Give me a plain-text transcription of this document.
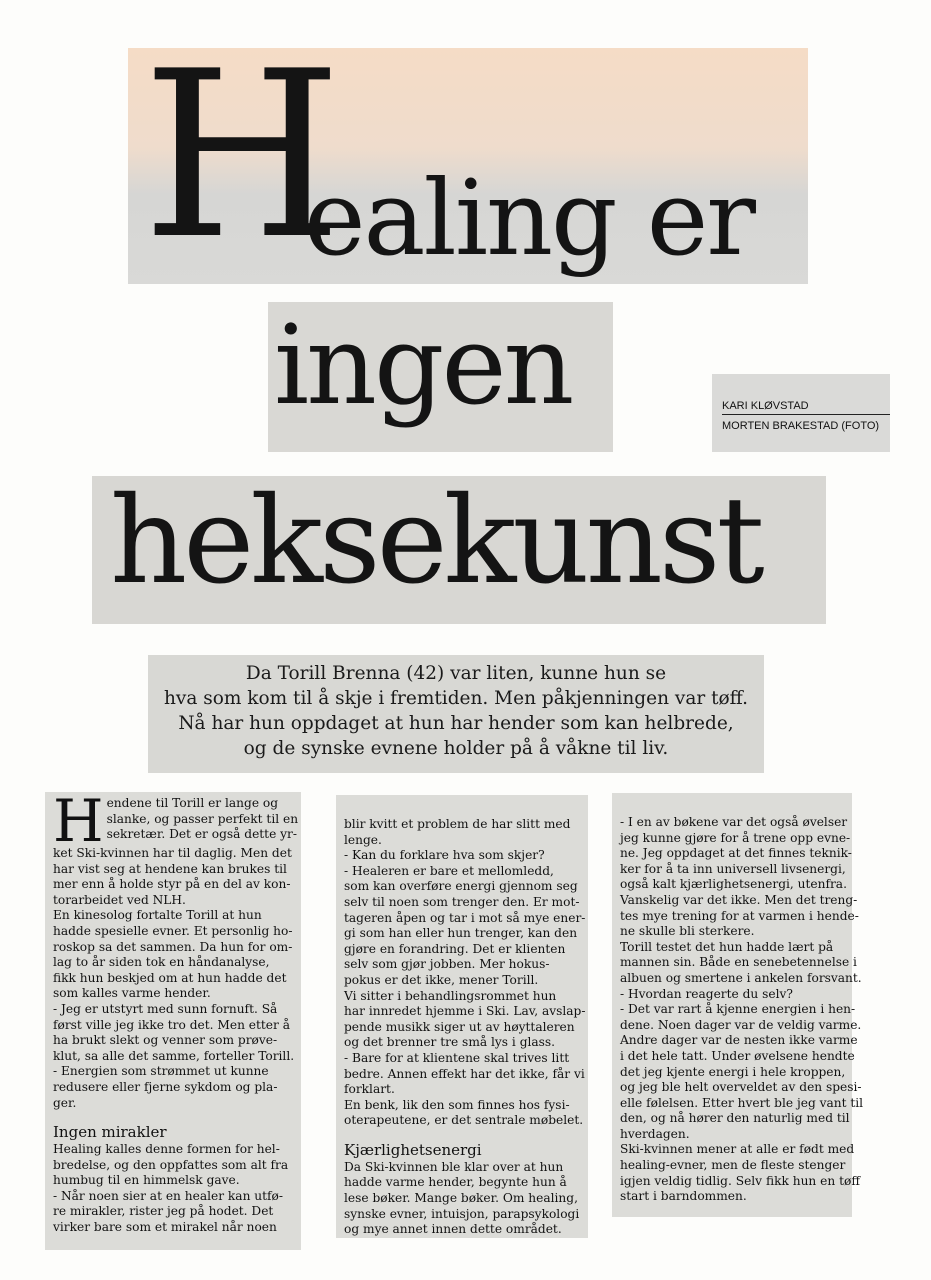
H
ealing er
ingen
heksekunst
KARI KLØVSTAD
MORTEN BRAKESTAD (FOTO)
Da Torill Brenna (42) var liten, kunne hun se
hva som kom til å skje i fremtiden. Men påkjenningen var tøff.
Nå har hun oppdaget at hun har hender som kan helbrede,
og de synske evnene holder på å våkne til liv.
H endene til Torill er lange og

slanke, og passer perfekt til en

sekretær. Det er også dette yr-

ket Ski-kvinnen har til daglig. Men det

har vist seg at hendene kan brukes til

mer enn å holde styr på en del av kon-

torarbeidet ved NLH.

En kinesolog fortalte Torill at hun

hadde spesielle evner. Et personlig ho-

roskop sa det sammen. Da hun for om-

lag to år siden tok en håndanalyse,

fikk hun beskjed om at hun hadde det

som kalles varme hender.

- Jeg er utstyrt med sunn fornuft. Så

først ville jeg ikke tro det. Men etter å

ha brukt slekt og venner som prøve-

klut, sa alle det samme, forteller Torill.

- Energien som strømmet ut kunne

redusere eller fjerne sykdom og pla-

ger.

Ingen mirakler

Healing kalles denne formen for hel-

bredelse, og den oppfattes som alt fra

humbug til en himmelsk gave.

- Når noen sier at en healer kan utfø-

re mirakler, rister jeg på hodet. Det

virker bare som et mirakel når noen

blir kvitt et problem de har slitt med

lenge.

- Kan du forklare hva som skjer?

- Healeren er bare et mellomledd,

som kan overføre energi gjennom seg

selv til noen som trenger den. Er mot-

tageren åpen og tar i mot så mye ener-

gi som han eller hun trenger, kan den

gjøre en forandring. Det er klienten

selv som gjør jobben. Mer hokus-

pokus er det ikke, mener Torill.

Vi sitter i behandlingsrommet hun

har innredet hjemme i Ski. Lav, avslap-

pende musikk siger ut av høyttaleren

og det brenner tre små lys i glass.

- Bare for at klientene skal trives litt

bedre. Annen effekt har det ikke, får vi

forklart.

En benk, lik den som finnes hos fysi-

oterapeutene, er det sentrale møbelet.

Kjærlighetsenergi

Da Ski-kvinnen ble klar over at hun

hadde varme hender, begynte hun å

lese bøker. Mange bøker. Om healing,

synske evner, intuisjon, parapsykologi

og mye annet innen dette området.

- I en av bøkene var det også øvelser

jeg kunne gjøre for å trene opp evne-

ne. Jeg oppdaget at det finnes teknik-

ker for å ta inn universell livsenergi,

også kalt kjærlighetsenergi, utenfra.

Vanskelig var det ikke. Men det treng-

tes mye trening for at varmen i hende-

ne skulle bli sterkere.

Torill testet det hun hadde lært på

mannen sin. Både en senebetennelse i

albuen og smertene i ankelen forsvant.

- Hvordan reagerte du selv?

- Det var rart å kjenne energien i hen-

dene. Noen dager var de veldig varme.

Andre dager var de nesten ikke varme

i det hele tatt. Under øvelsene hendte

det jeg kjente energi i hele kroppen,

og jeg ble helt overveldet av den spesi-

elle følelsen. Etter hvert ble jeg vant til

den, og nå hører den naturlig med til

hverdagen.

Ski-kvinnen mener at alle er født med

healing-evner, men de fleste stenger

igjen veldig tidlig. Selv fikk hun en tøff

start i barndommen.
